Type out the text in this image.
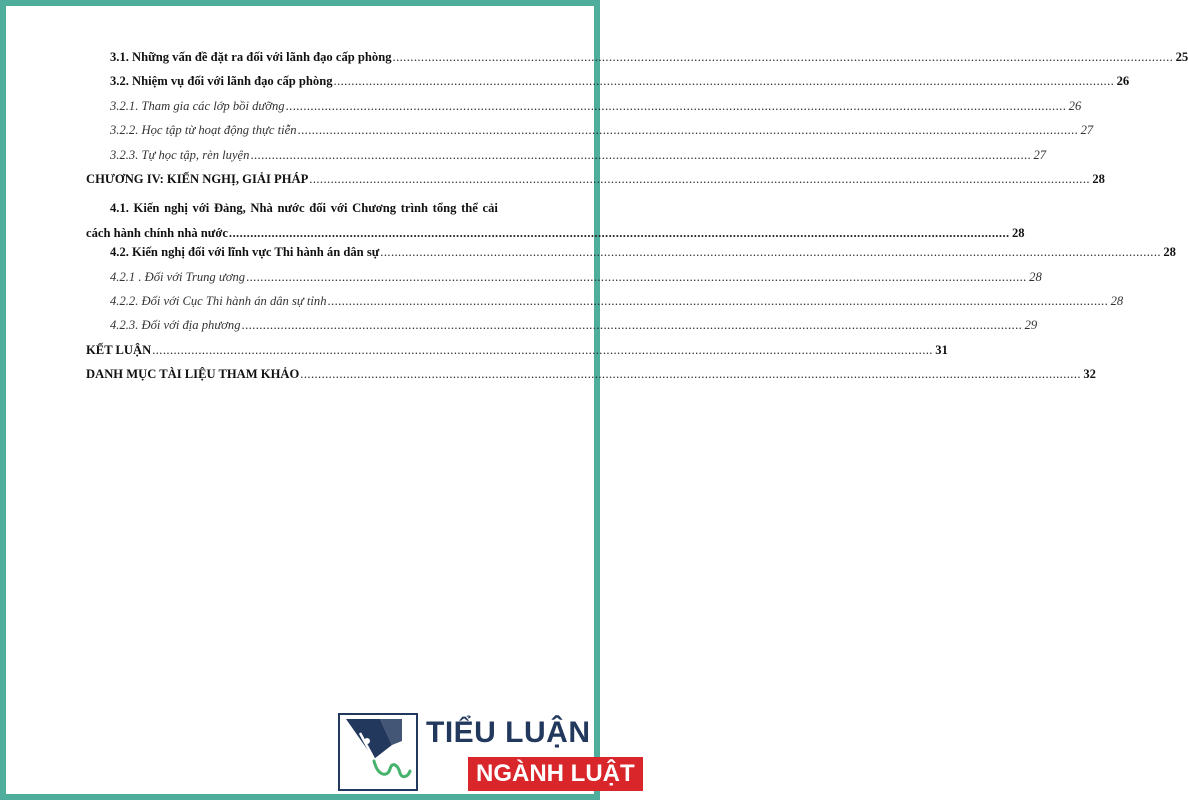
3.1. Những vấn đề đặt ra đối với lãnh đạo cấp phòng .....	25
3.2. Nhiệm vụ đối với lãnh đạo cấp phòng .....	26
3.2.1. Tham gia các lớp bồi dưỡng .....	26
3.2.2. Học tập từ hoạt động thực tiễn .....	27
3.2.3. Tự học tập, rèn luyện .....	27
CHƯƠNG IV: KIẾN NGHỊ, GIẢI PHÁP .....	28
4.1. Kiến nghị với Đảng, Nhà nước đối với Chương trình tổng thể cải
cách hành chính nhà nước .....	28
4.2. Kiến nghị đối với lĩnh vực Thi hành án dân sự .....	28
4.2.1 . Đối với Trung ương .....	28
4.2.2. Đối với Cục Thi hành án dân sự tỉnh .....	28
4.2.3. Đối với địa phương .....	29
KẾT LUẬN .....	31
DANH MỤC TÀI LIỆU THAM KHẢO .....	32
TIỂU LUẬN
NGÀNH LUẬT
